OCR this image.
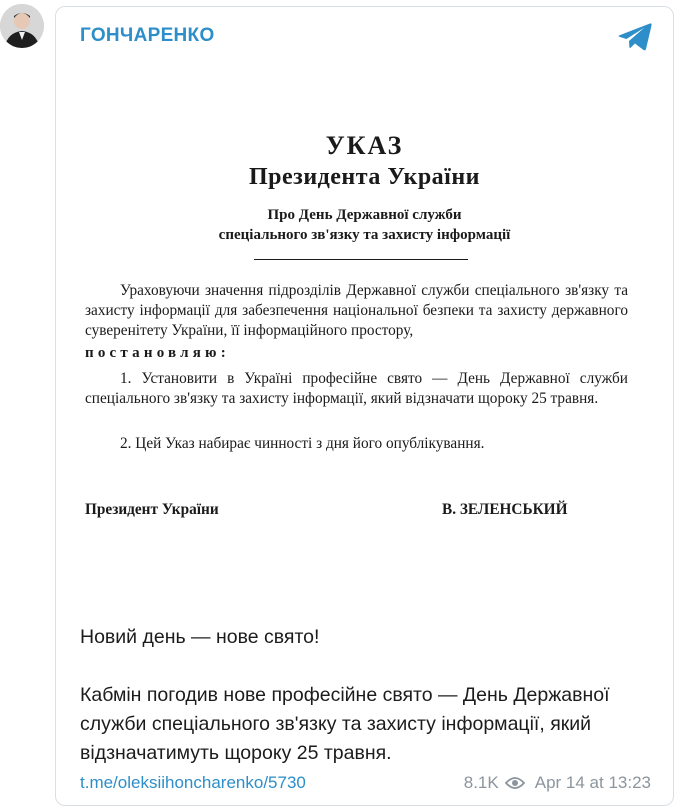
ГОНЧАРЕНКО
УКАЗ
Президента України
Про День Державної служби
спеціального зв'язку та захисту інформації
Ураховуючи значення підрозділів Державної служби спеціального зв'язку та захисту інформації для забезпечення національної безпеки та захисту державного суверенітету України, її інформаційного простору,
постановляю:
1. Установити в Україні професійне свято — День Державної служби спеціального зв'язку та захисту інформації, який відзначати щороку 25 травня.
2. Цей Указ набирає чинності з дня його опублікування.
Президент України	В. ЗЕЛЕНСЬКИЙ
Новий день — нове свято!
Кабмін погодив нове професійне свято — День Державної служби спеціального зв'язку та захисту інформації, який відзначатимуть щороку 25 травня.
t.me/oleksiihoncharenko/5730	8.1K Apr 14 at 13:23
